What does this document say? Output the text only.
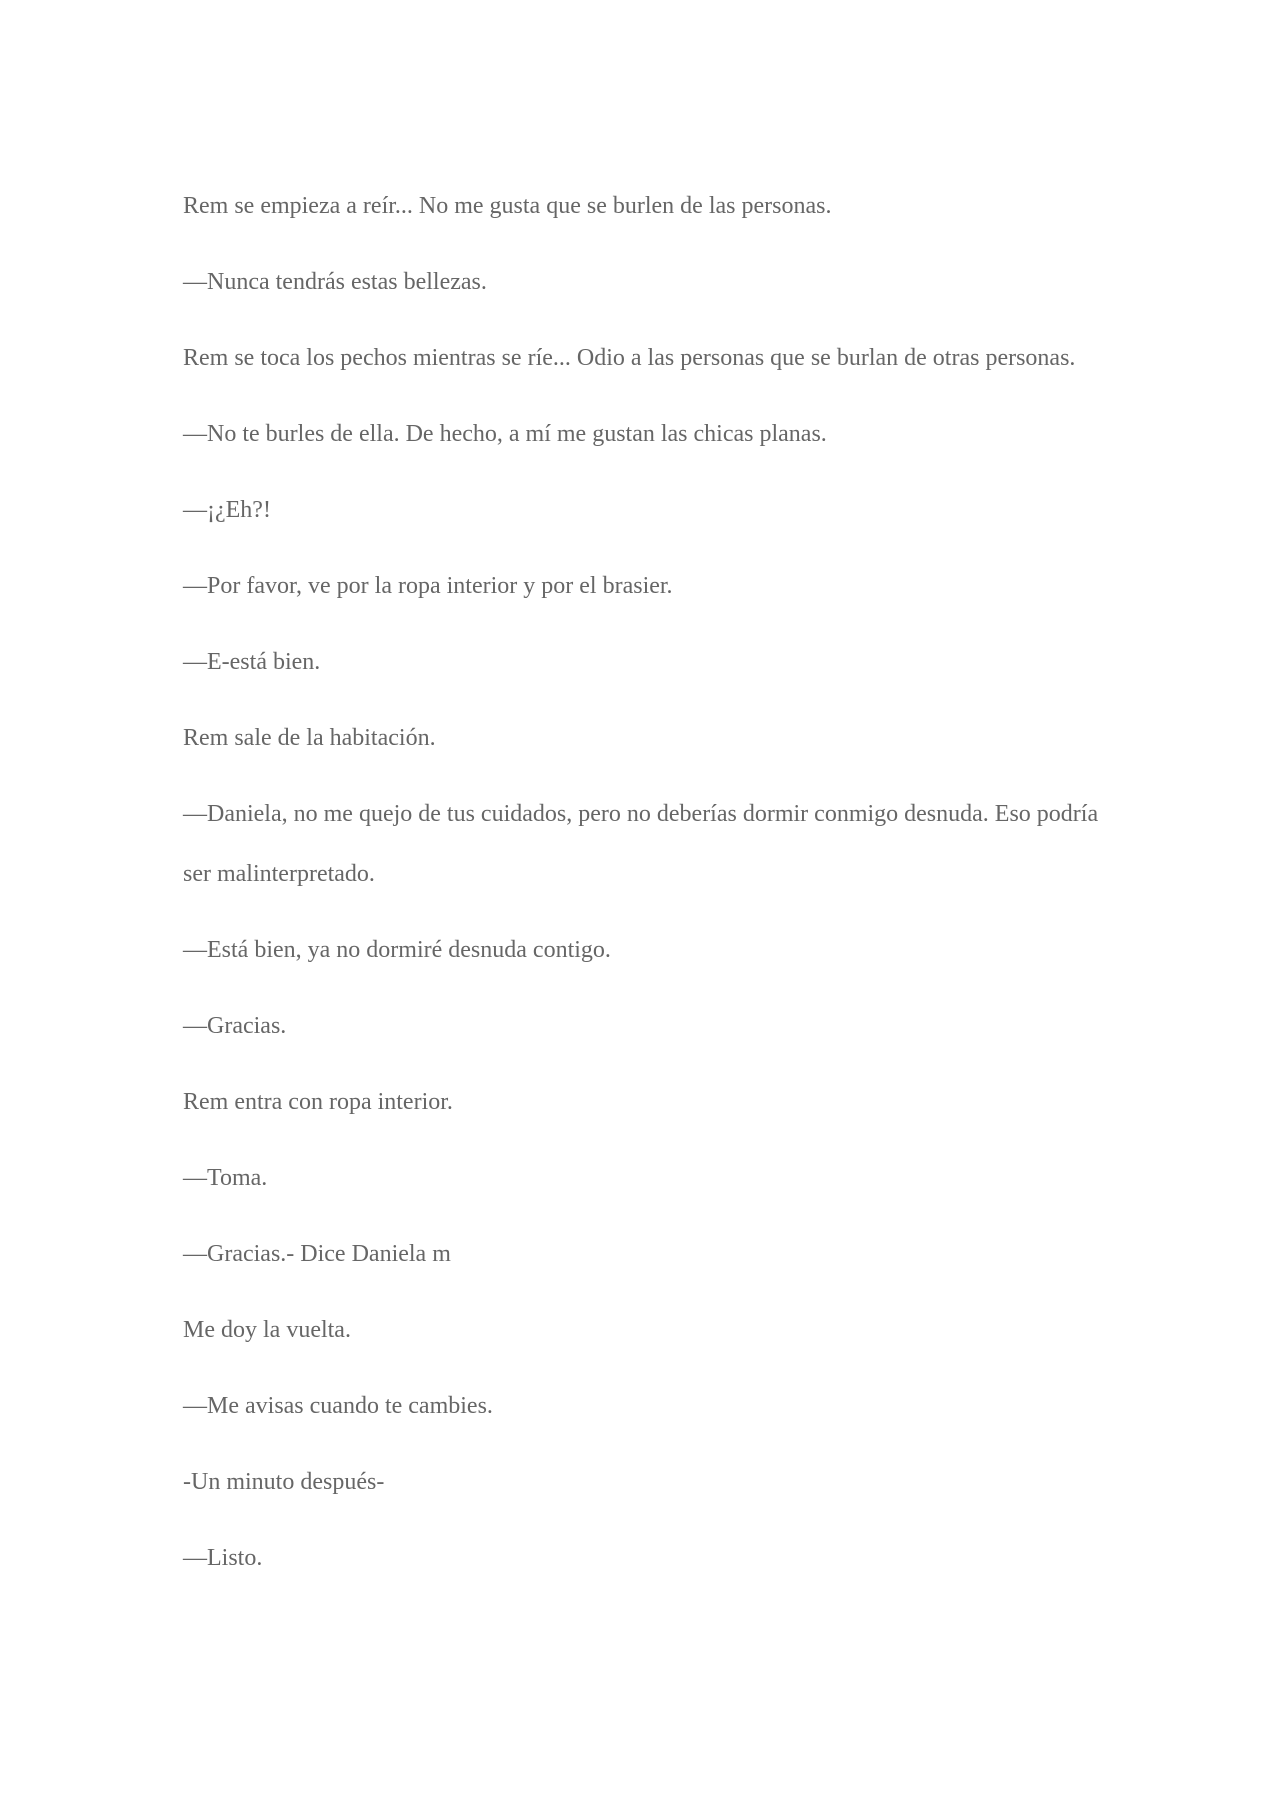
Rem se empieza a reír... No me gusta que se burlen de las personas.

—Nunca tendrás estas bellezas.

Rem se toca los pechos mientras se ríe... Odio a las personas que se burlan de otras personas.

—No te burles de ella. De hecho, a mí me gustan las chicas planas.

—¡¿Eh?!

—Por favor, ve por la ropa interior y por el brasier.

—E-está bien.

Rem sale de la habitación.

—Daniela, no me quejo de tus cuidados, pero no deberías dormir conmigo desnuda. Eso podría ser malinterpretado.

—Está bien, ya no dormiré desnuda contigo.

—Gracias.

Rem entra con ropa interior.

—Toma.

—Gracias.- Dice Daniela m

Me doy la vuelta.

—Me avisas cuando te cambies.

-Un minuto después-

—Listo.
